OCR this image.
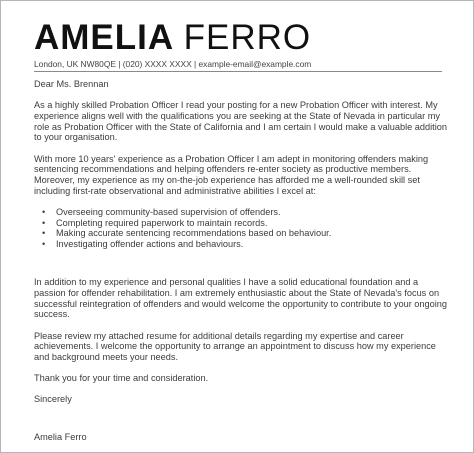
AMELIA FERRO
London, UK NW80QE | (020) XXXX XXXX | example-email@example.com

Dear Ms. Brennan

As a highly skilled Probation Officer I read your posting for a new Probation Officer with interest. My experience aligns well with the qualifications you are seeking at the State of Nevada in particular my role as Probation Officer with the State of California and I am certain I would make a valuable addition to your organisation.

With more 10 years' experience as a Probation Officer I am adept in monitoring offenders making sentencing recommendations and helping offenders re-enter society as productive members. Moreover, my experience as my on-the-job experience has afforded me a well-rounded skill set including first-rate observational and administrative abilities I excel at:

• Overseeing community-based supervision of offenders.
• Completing required paperwork to maintain records.
• Making accurate sentencing recommendations based on behaviour.
• Investigating offender actions and behaviours.

In addition to my experience and personal qualities I have a solid educational foundation and a passion for offender rehabilitation. I am extremely enthusiastic about the State of Nevada's focus on successful reintegration of offenders and would welcome the opportunity to contribute to your ongoing success.

Please review my attached resume for additional details regarding my expertise and career achievements. I welcome the opportunity to arrange an appointment to discuss how my experience and background meets your needs.

Thank you for your time and consideration.

Sincerely

Amelia Ferro
